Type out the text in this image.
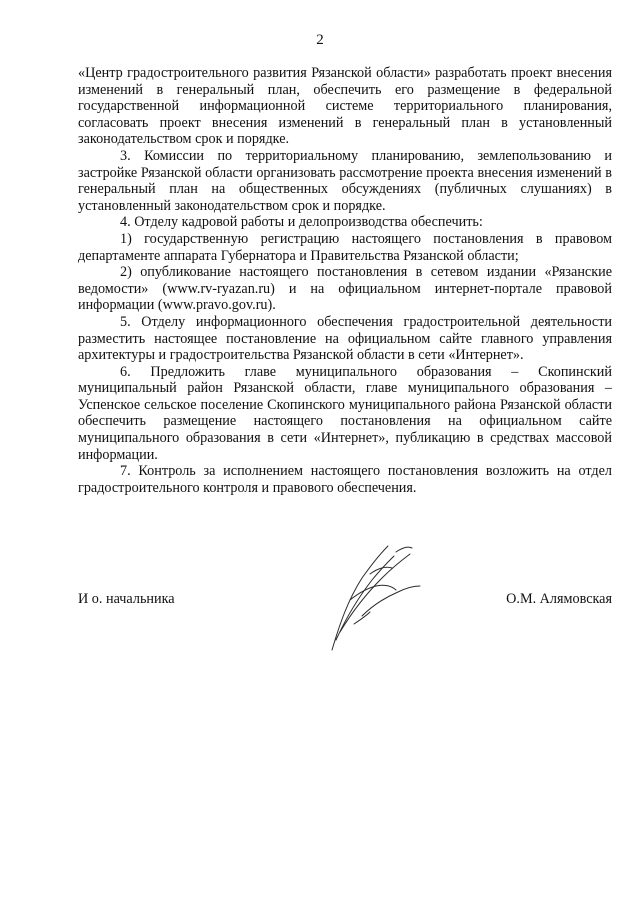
2

«Центр градостроительного развития Рязанской области» разработать проект внесения изменений в генеральный план, обеспечить его размещение в федеральной государственной информационной системе территориального планирования, согласовать проект внесения изменений в генеральный план в установленный законодательством срок и порядке.

3. Комиссии по территориальному планированию, землепользованию и застройке Рязанской области организовать рассмотрение проекта внесения изменений в генеральный план на общественных обсуждениях (публичных слушаниях) в установленный законодательством срок и порядке.

4. Отделу кадровой работы и делопроизводства обеспечить:

1) государственную регистрацию настоящего постановления в правовом департаменте аппарата Губернатора и Правительства Рязанской области;

2) опубликование настоящего постановления в сетевом издании «Рязанские ведомости» (www.rv-ryazan.ru) и на официальном интернет-портале правовой информации (www.pravo.gov.ru).

5. Отделу информационного обеспечения градостроительной деятельности разместить настоящее постановление на официальном сайте главного управления архитектуры и градостроительства Рязанской области в сети «Интернет».

6. Предложить главе муниципального образования – Скопинский муниципальный район Рязанской области, главе муниципального образования – Успенское сельское поселение Скопинского муниципального района Рязанской области обеспечить размещение настоящего постановления на официальном сайте муниципального образования в сети «Интернет», публикацию в средствах массовой информации.

7. Контроль за исполнением настоящего постановления возложить на отдел градостроительного контроля и правового обеспечения.

И о. начальника	О.М. Алямовская
